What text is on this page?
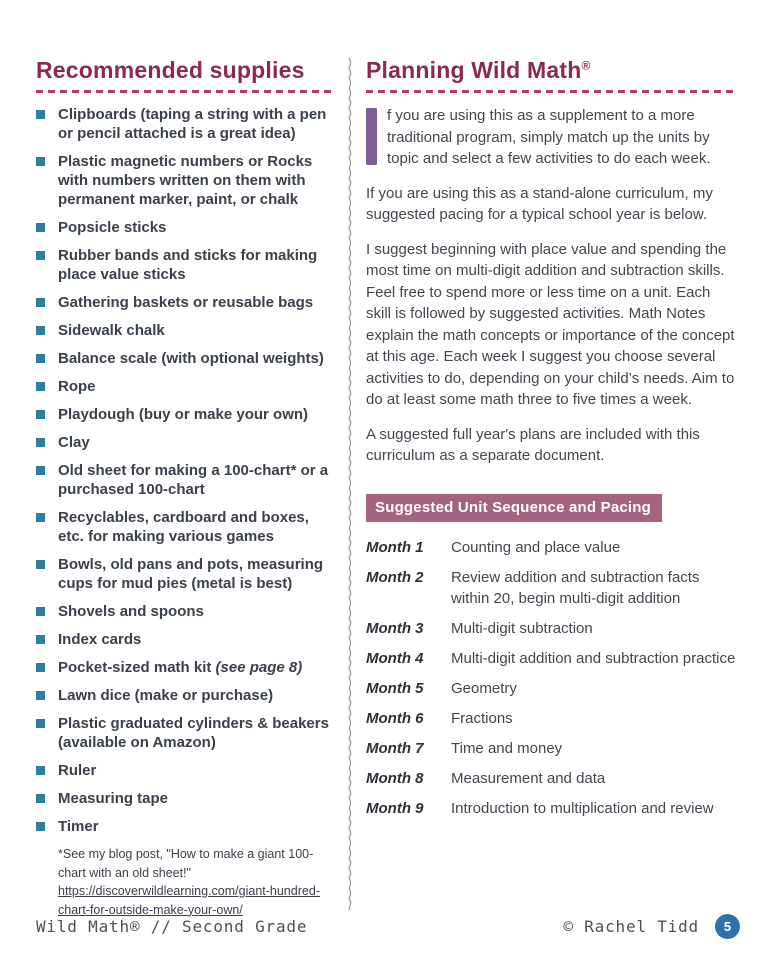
Recommended supplies
Clipboards (taping a string with a pen or pencil attached is a great idea)
Plastic magnetic numbers or Rocks with numbers written on them with permanent marker, paint, or chalk
Popsicle sticks
Rubber bands and sticks for making place value sticks
Gathering baskets or reusable bags
Sidewalk chalk
Balance scale (with optional weights)
Rope
Playdough (buy or make your own)
Clay
Old sheet for making a 100-chart* or a purchased 100-chart
Recyclables, cardboard and boxes, etc. for making various games
Bowls, old pans and pots, measuring cups for mud pies (metal is best)
Shovels and spoons
Index cards
Pocket-sized math kit (see page 8)
Lawn dice (make or purchase)
Plastic graduated cylinders & beakers (available on Amazon)
Ruler
Measuring tape
Timer

*See my blog post, "How to make a giant 100-chart with an old sheet!" https://discoverwildlearning.com/giant-hundred-chart-for-outside-make-your-own/

Planning Wild Math®

f you are using this as a supplement to a more traditional program, simply match up the units by topic and select a few activities to do each week.

If you are using this as a stand-alone curriculum, my suggested pacing for a typical school year is below.

I suggest beginning with place value and spending the most time on multi-digit addition and subtraction skills. Feel free to spend more or less time on a unit. Each skill is followed by suggested activities. Math Notes explain the math concepts or importance of the concept at this age. Each week I suggest you choose several activities to do, depending on your child’s needs. Aim to do at least some math three to five times a week.

A suggested full year's plans are included with this curriculum as a separate document.

Suggested Unit Sequence and Pacing
Month 1	Counting and place value
Month 2	Review addition and subtraction facts within 20, begin multi-digit addition
Month 3	Multi-digit subtraction
Month 4	Multi-digit addition and subtraction practice
Month 5	Geometry
Month 6	Fractions
Month 7	Time and money
Month 8	Measurement and data
Month 9	Introduction to multiplication and review
Wild Math® // Second Grade	© Rachel Tidd	5
